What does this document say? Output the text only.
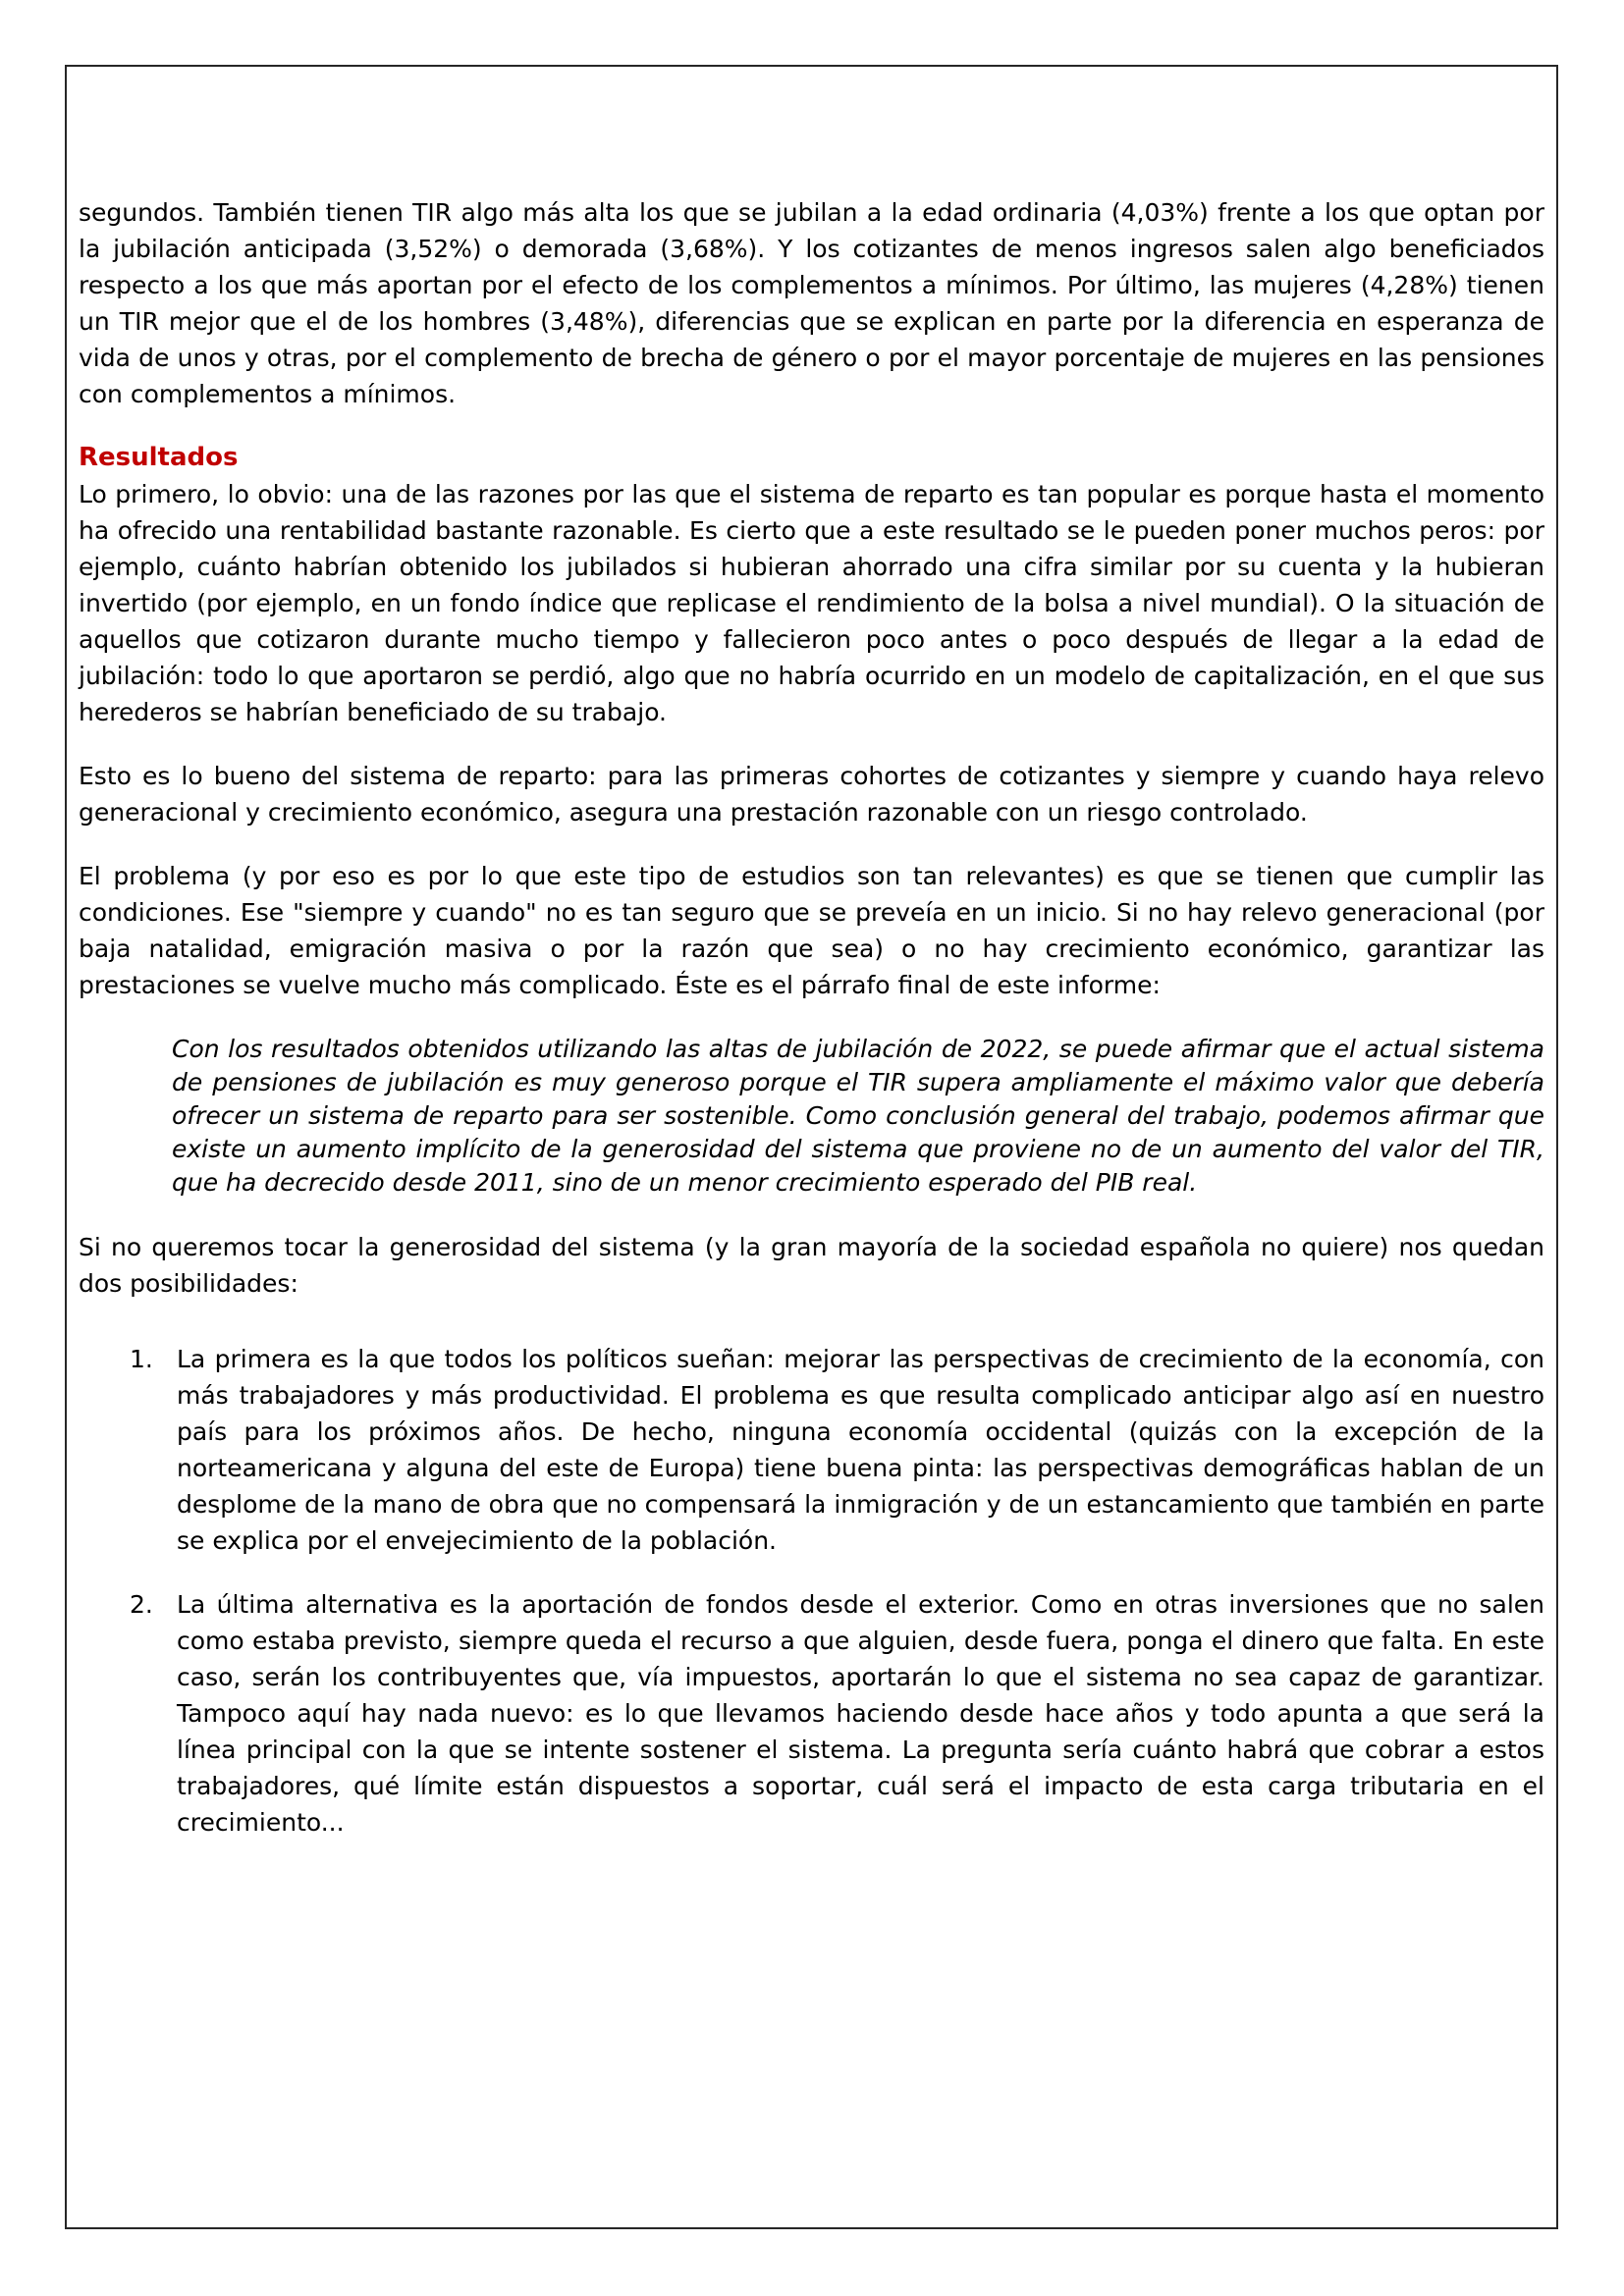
segundos. También tienen TIR algo más alta los que se jubilan a la edad ordinaria (4,03%) frente a los que optan por la jubilación anticipada (3,52%) o demorada (3,68%). Y los cotizantes de menos ingresos salen algo beneficiados respecto a los que más aportan por el efecto de los complementos a mínimos. Por último, las mujeres (4,28%) tienen un TIR mejor que el de los hombres (3,48%), diferencias que se explican en parte por la diferencia en esperanza de vida de unos y otras, por el complemento de brecha de género o por el mayor porcentaje de mujeres en las pensiones con complementos a mínimos.

Resultados

Lo primero, lo obvio: una de las razones por las que el sistema de reparto es tan popular es porque hasta el momento ha ofrecido una rentabilidad bastante razonable. Es cierto que a este resultado se le pueden poner muchos peros: por ejemplo, cuánto habrían obtenido los jubilados si hubieran ahorrado una cifra similar por su cuenta y la hubieran invertido (por ejemplo, en un fondo índice que replicase el rendimiento de la bolsa a nivel mundial). O la situación de aquellos que cotizaron durante mucho tiempo y fallecieron poco antes o poco después de llegar a la edad de jubilación: todo lo que aportaron se perdió, algo que no habría ocurrido en un modelo de capitalización, en el que sus herederos se habrían beneficiado de su trabajo.

Esto es lo bueno del sistema de reparto: para las primeras cohortes de cotizantes y siempre y cuando haya relevo generacional y crecimiento económico, asegura una prestación razonable con un riesgo controlado.

El problema (y por eso es por lo que este tipo de estudios son tan relevantes) es que se tienen que cumplir las condiciones. Ese "siempre y cuando" no es tan seguro que se preveía en un inicio. Si no hay relevo generacional (por baja natalidad, emigración masiva o por la razón que sea) o no hay crecimiento económico, garantizar las prestaciones se vuelve mucho más complicado. Éste es el párrafo final de este informe:

Con los resultados obtenidos utilizando las altas de jubilación de 2022, se puede afirmar que el actual sistema de pensiones de jubilación es muy generoso porque el TIR supera ampliamente el máximo valor que debería ofrecer un sistema de reparto para ser sostenible. Como conclusión general del trabajo, podemos afirmar que existe un aumento implícito de la generosidad del sistema que proviene no de un aumento del valor del TIR, que ha decrecido desde 2011, sino de un menor crecimiento esperado del PIB real.

Si no queremos tocar la generosidad del sistema (y la gran mayoría de la sociedad española no quiere) nos quedan dos posibilidades:

1. La primera es la que todos los políticos sueñan: mejorar las perspectivas de crecimiento de la economía, con más trabajadores y más productividad. El problema es que resulta complicado anticipar algo así en nuestro país para los próximos años. De hecho, ninguna economía occidental (quizás con la excepción de la norteamericana y alguna del este de Europa) tiene buena pinta: las perspectivas demográficas hablan de un desplome de la mano de obra que no compensará la inmigración y de un estancamiento que también en parte se explica por el envejecimiento de la población.
2. La última alternativa es la aportación de fondos desde el exterior. Como en otras inversiones que no salen como estaba previsto, siempre queda el recurso a que alguien, desde fuera, ponga el dinero que falta. En este caso, serán los contribuyentes que, vía impuestos, aportarán lo que el sistema no sea capaz de garantizar. Tampoco aquí hay nada nuevo: es lo que llevamos haciendo desde hace años y todo apunta a que será la línea principal con la que se intente sostener el sistema. La pregunta sería cuánto habrá que cobrar a estos trabajadores, qué límite están dispuestos a soportar, cuál será el impacto de esta carga tributaria en el crecimiento...
